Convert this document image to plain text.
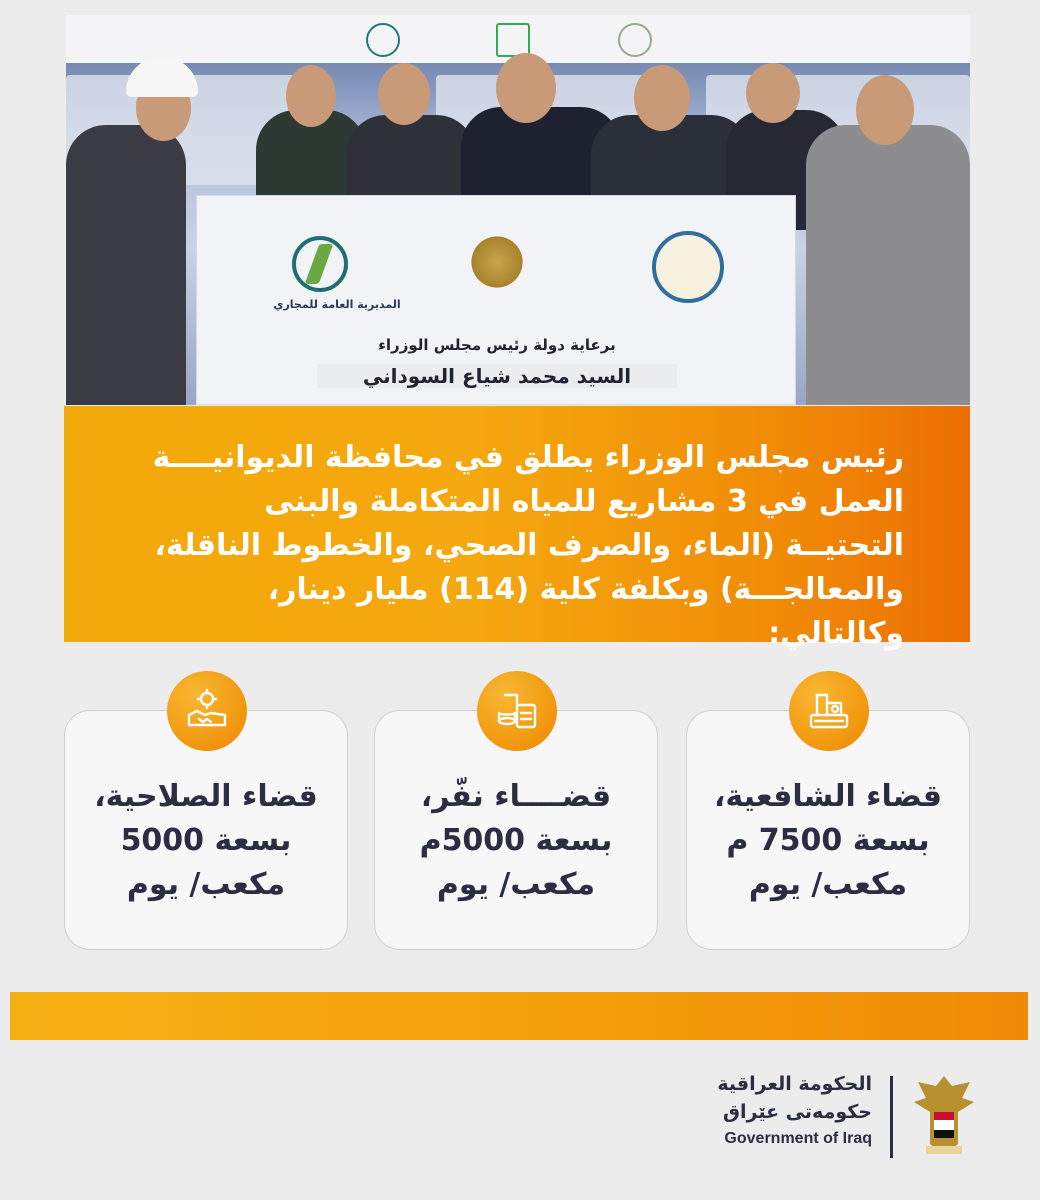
المديرية العامة للمجاري
برعاية دولة رئيس مجلس الوزراء
السيد محمد شياع السوداني

رئيس مجلس الوزراء يطلق في محافظة الديوانيــــة العمل في 3 مشاريع للمياه المتكاملة والبنى التحتيــة (الماء، والصرف الصحي، والخطوط الناقلة، والمعالجـــة) وبكلفة كلية (114) مليار دينار، وكالتالي:

قضاء الشافعية، بسعة 7500 م مكعب/ يوم
قضــــاء نفّر، بسعة 5000م مكعب/ يوم
قضاء الصلاحية، بسعة 5000 مكعب/ يوم
الحكومة العراقية
حکومەتی عێراق
Government of Iraq
